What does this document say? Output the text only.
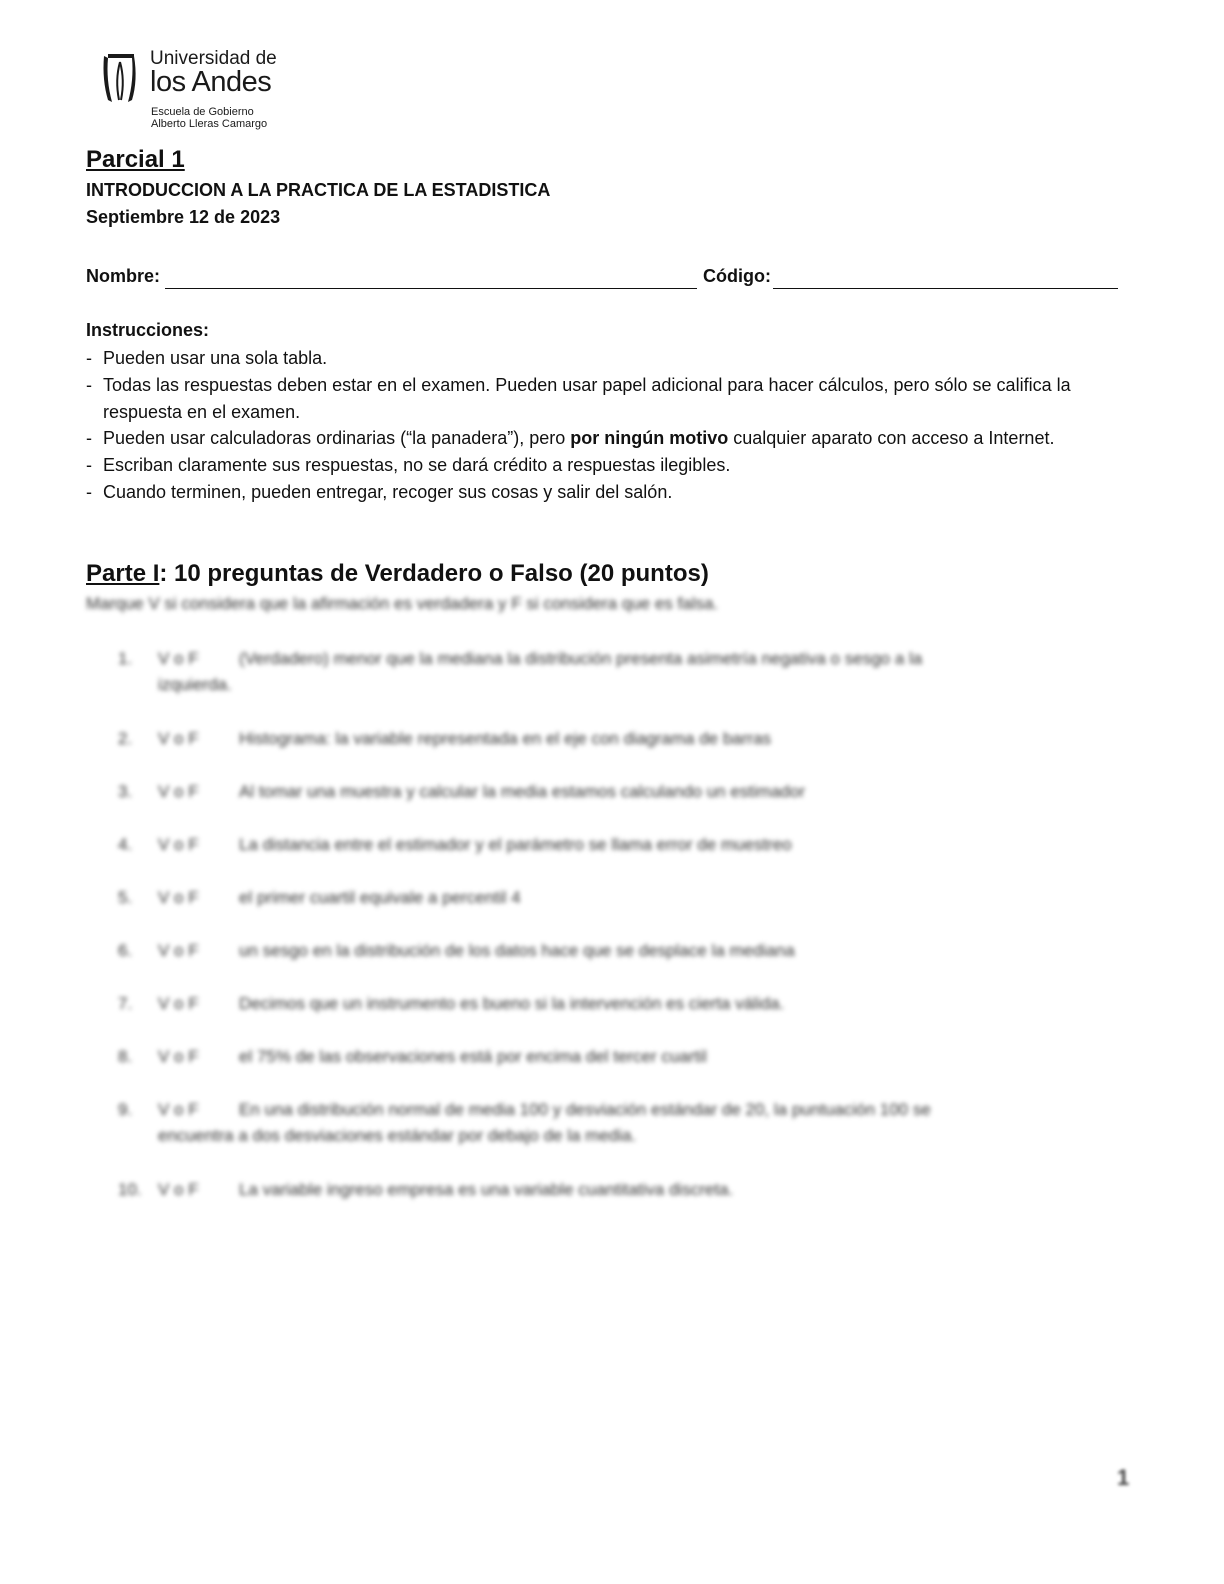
Universidad de
los Andes
Escuela de Gobierno
Alberto Lleras Camargo
Parcial 1
INTRODUCCION A LA PRACTICA DE LA ESTADISTICA
Septiembre 12 de 2023
Nombre:	Código:
Instrucciones:
- Pueden usar una sola tabla.
- Todas las respuestas deben estar en el examen. Pueden usar papel adicional para hacer cálculos, pero sólo se califica la respuesta en el examen.
- Pueden usar calculadoras ordinarias (“la panadera”), pero por ningún motivo cualquier aparato con acceso a Internet.
- Escriban claramente sus respuestas, no se dará crédito a respuestas ilegibles.
- Cuando terminen, pueden entregar, recoger sus cosas y salir del salón.
Parte I: 10 preguntas de Verdadero o Falso (20 puntos)
Marque V si considera que la afirmación es verdadera y F si considera que es falsa.
1. V o F (Verdadero) menor que la mediana la distribución presenta asimetría negativa o sesgo a la
izquierda.
2. V o F Histograma: la variable representada en el eje con diagrama de barras
3. V o F Al tomar una muestra y calcular la media estamos calculando un estimador
4. V o F La distancia entre el estimador y el parámetro se llama error de muestreo
5. V o F el primer cuartil equivale a percentil 4
6. V o F un sesgo en la distribución de los datos hace que se desplace la mediana
7. V o F Decimos que un instrumento es bueno si la intervención es cierta válida.
8. V o F el 75% de las observaciones está por encima del tercer cuartil
9. V o F En una distribución normal de media 100 y desviación estándar de 20, la puntuación 100 se
encuentra a dos desviaciones estándar por debajo de la media.
10. V o F La variable ingreso empresa es una variable cuantitativa discreta.
1
